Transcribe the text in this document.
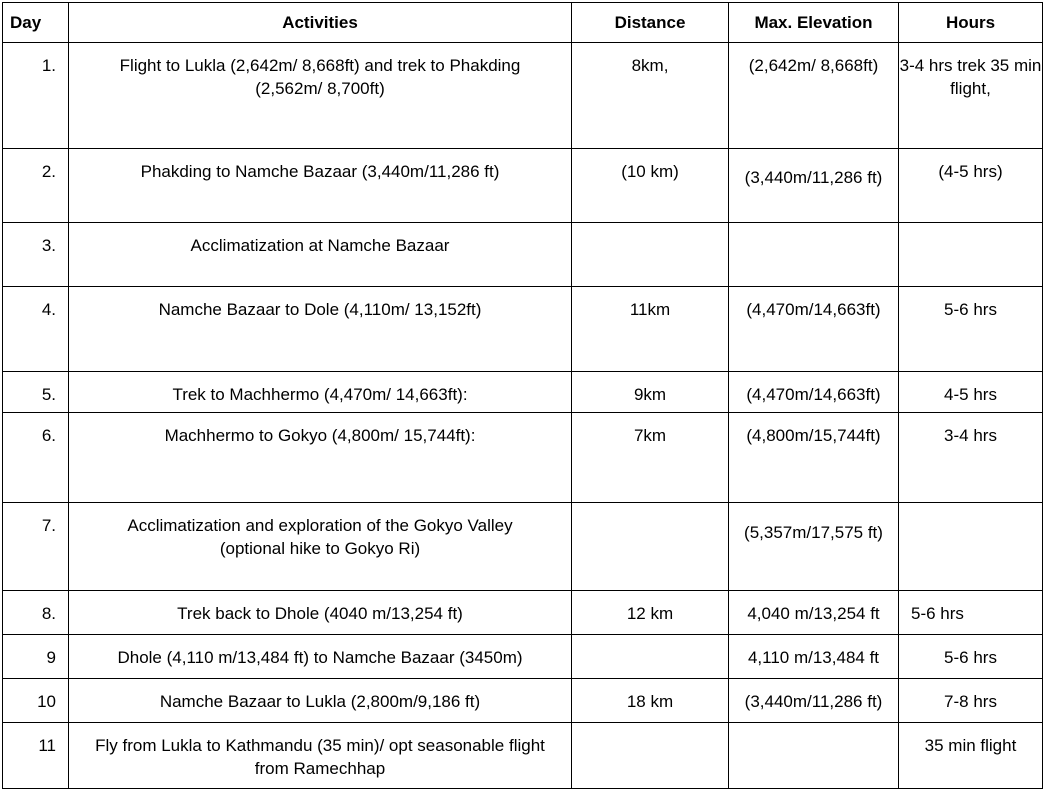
Day	Activities	Distance	Max. Elevation	Hours
1.	Flight to Lukla (2,642m/ 8,668ft) and trek to Phakding (2,562m/ 8,700ft)	8km,	(2,642m/ 8,668ft)	3-4 hrs trek 35 min flight,
2.	Phakding to Namche Bazaar (3,440m/11,286 ft)	(10 km)	(3,440m/11,286 ft)	(4-5 hrs)
3.	Acclimatization at Namche Bazaar			
4.	Namche Bazaar to Dole (4,110m/ 13,152ft)	11km	(4,470m/14,663ft)	5-6 hrs
5.	Trek to Machhermo (4,470m/ 14,663ft):	9km	(4,470m/14,663ft)	4-5 hrs
6.	Machhermo to Gokyo (4,800m/ 15,744ft):	7km	(4,800m/15,744ft)	3-4 hrs
7.	Acclimatization and exploration of the Gokyo Valley (optional hike to Gokyo Ri)		(5,357m/17,575 ft)	
8.	Trek back to Dhole (4040 m/13,254 ft)	12 km	4,040 m/13,254 ft	5-6 hrs
9	Dhole (4,110 m/13,484 ft) to Namche Bazaar (3450m)		4,110 m/13,484 ft	5-6 hrs
10	Namche Bazaar to Lukla (2,800m/9,186 ft)	18 km	(3,440m/11,286 ft)	7-8 hrs
11	Fly from Lukla to Kathmandu (35 min)/ opt seasonable flight from Ramechhap			35 min flight
